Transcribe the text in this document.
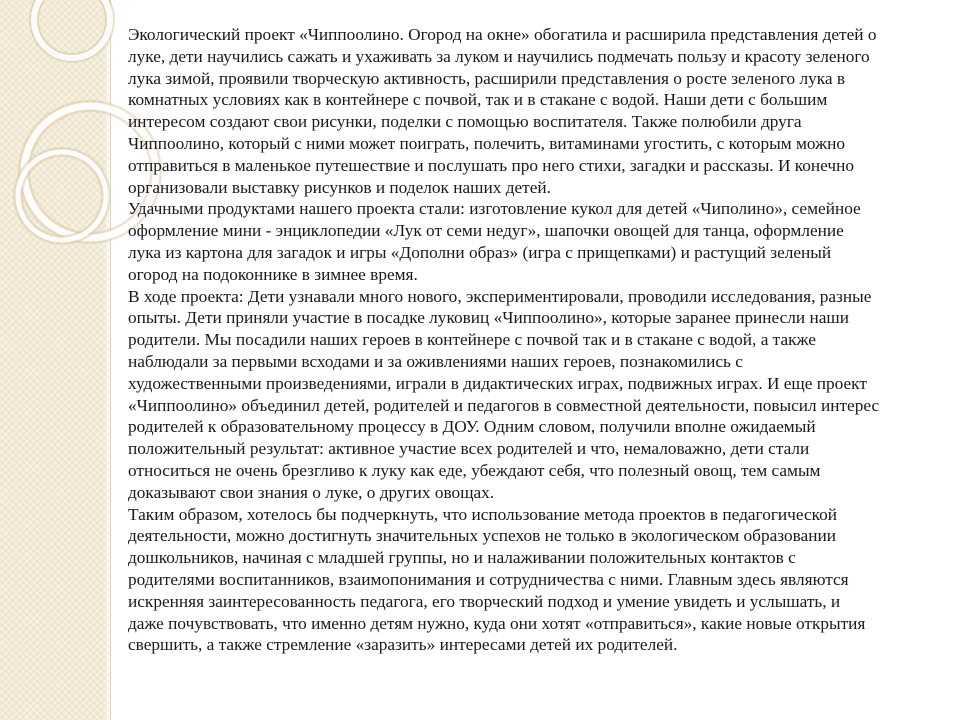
Экологический проект «Чиппоолино. Огород на окне» обогатила и расширила представления детей о
луке, дети научились сажать и ухаживать за луком и научились подмечать пользу и красоту зеленого
лука зимой, проявили творческую активность, расширили представления о росте зеленого лука в
комнатных условиях как в контейнере с почвой, так и в стакане с водой. Наши дети с большим
интересом создают свои рисунки, поделки с помощью воспитателя. Также полюбили друга
Чиппоолино, который с ними может поиграть, полечить, витаминами угостить, с которым можно
отправиться в маленькое путешествие и послушать про него стихи, загадки и рассказы. И конечно
организовали выставку рисунков и поделок наших детей.

Удачными продуктами нашего проекта стали: изготовление кукол для детей «Чиполино», семейное
оформление мини - энциклопедии «Лук от семи недуг», шапочки овощей для танца, оформление
лука из картона для загадок и игры «Дополни образ» (игра с прищепками) и растущий зеленый
огород на подоконнике в зимнее время.

В ходе проекта: Дети узнавали много нового, экспериментировали, проводили исследования, разные
опыты. Дети приняли участие в посадке луковиц «Чиппоолино», которые заранее принесли наши
родители. Мы посадили наших героев в контейнере с почвой так и в стакане с водой, а также
наблюдали за первыми всходами и за оживлениями наших героев, познакомились с
художественными произведениями, играли в дидактических играх, подвижных играх. И еще проект
«Чиппоолино» объединил детей, родителей и педагогов в совместной деятельности, повысил интерес
родителей к образовательному процессу в ДОУ. Одним словом, получили вполне ожидаемый
положительный результат: активное участие всех родителей и что, немаловажно, дети стали
относиться не очень брезгливо к луку как еде, убеждают себя, что полезный овощ, тем самым
доказывают свои знания о луке, о других овощах.

Таким образом, хотелось бы подчеркнуть, что использование метода проектов в педагогической
деятельности, можно достигнуть значительных успехов не только в экологическом образовании
дошкольников, начиная с младшей группы, но и налаживании положительных контактов с
родителями воспитанников, взаимопонимания и сотрудничества с ними. Главным здесь являются
искренняя заинтересованность педагога, его творческий подход и умение увидеть и услышать, и
даже почувствовать, что именно детям нужно, куда они хотят «отправиться», какие новые открытия
свершить, а также стремление «заразить» интересами детей их родителей.
